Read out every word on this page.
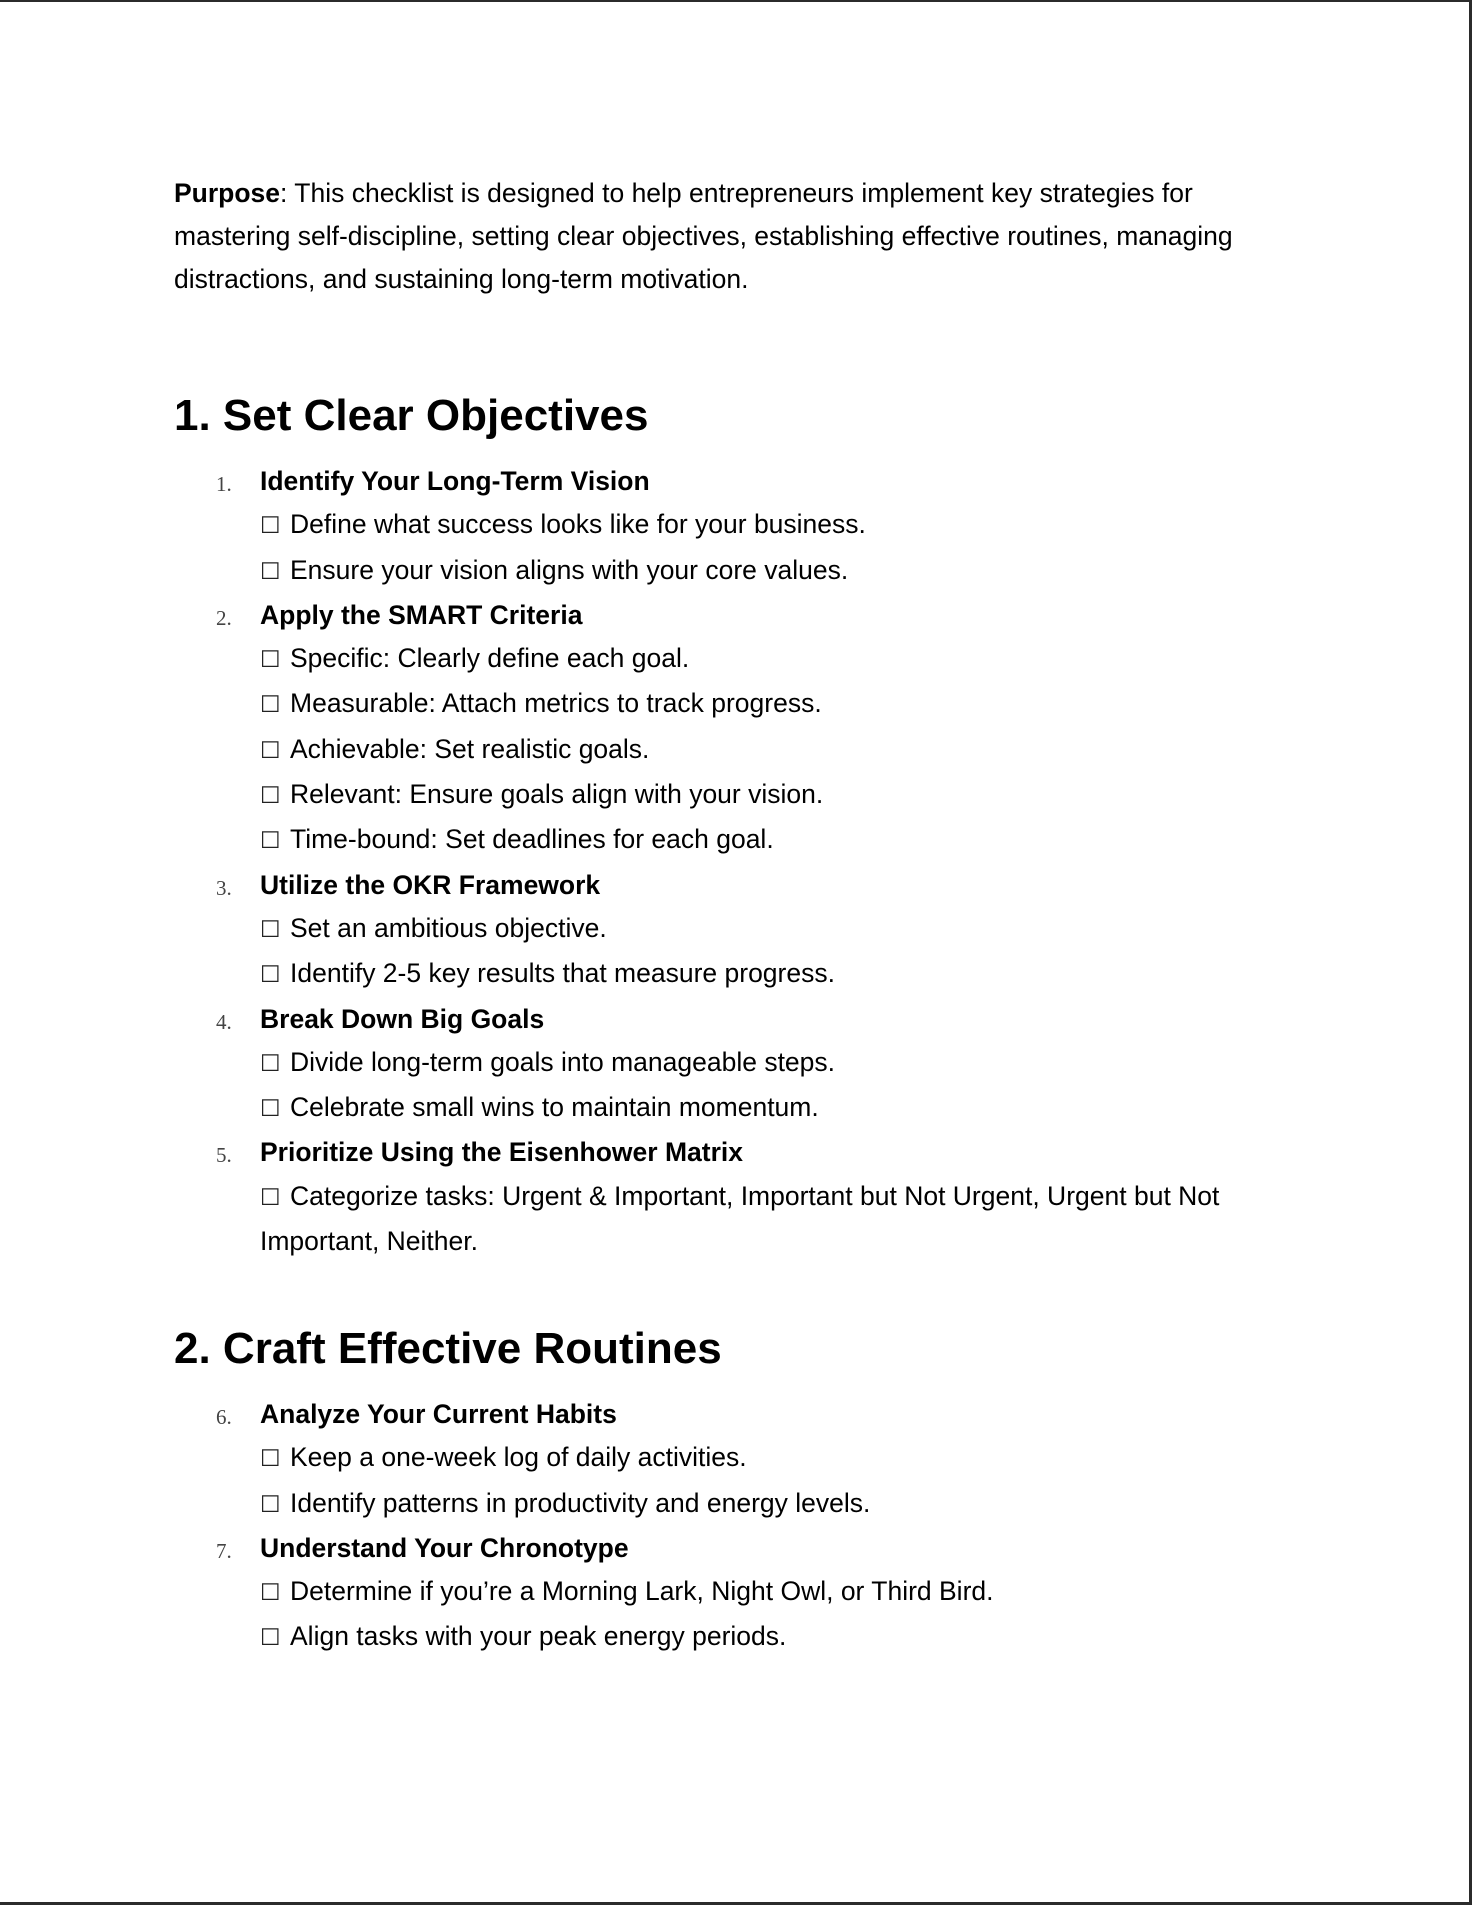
Purpose: This checklist is designed to help entrepreneurs implement key strategies for mastering self-discipline, setting clear objectives, establishing effective routines, managing distractions, and sustaining long-term motivation.

1. Set Clear Objectives
1. Identify Your Long-Term Vision
☐ Define what success looks like for your business.
☐ Ensure your vision aligns with your core values.
2. Apply the SMART Criteria
☐ Specific: Clearly define each goal.
☐ Measurable: Attach metrics to track progress.
☐ Achievable: Set realistic goals.
☐ Relevant: Ensure goals align with your vision.
☐ Time-bound: Set deadlines for each goal.
3. Utilize the OKR Framework
☐ Set an ambitious objective.
☐ Identify 2-5 key results that measure progress.
4. Break Down Big Goals
☐ Divide long-term goals into manageable steps.
☐ Celebrate small wins to maintain momentum.
5. Prioritize Using the Eisenhower Matrix
☐ Categorize tasks: Urgent & Important, Important but Not Urgent, Urgent but Not Important, Neither.
2. Craft Effective Routines
6. Analyze Your Current Habits
☐ Keep a one-week log of daily activities.
☐ Identify patterns in productivity and energy levels.
7. Understand Your Chronotype
☐ Determine if you’re a Morning Lark, Night Owl, or Third Bird.
☐ Align tasks with your peak energy periods.
